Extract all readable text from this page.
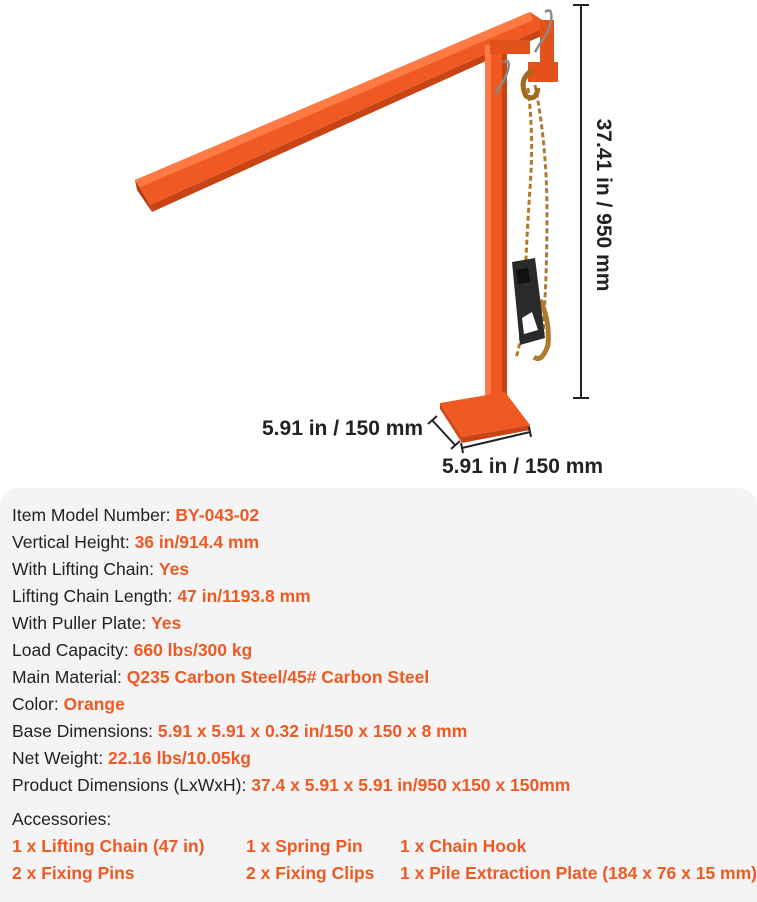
37.41 in / 950 mm
5.91 in / 150 mm
5.91 in / 150 mm
Item Model Number: BY-043-02
Vertical Height: 36 in/914.4 mm
With Lifting Chain: Yes
Lifting Chain Length: 47 in/1193.8 mm
With Puller Plate: Yes
Load Capacity: 660 lbs/300 kg
Main Material: Q235 Carbon Steel/45# Carbon Steel
Color: Orange
Base Dimensions: 5.91 x 5.91 x 0.32 in/150 x 150 x 8 mm
Net Weight: 22.16 lbs/10.05kg
Product Dimensions (LxWxH): 37.4 x 5.91 x 5.91 in/950 x150 x 150mm
Accessories:
1 x Lifting Chain (47 in) 1 x Spring Pin 1 x Chain Hook
2 x Fixing Pins	2 x Fixing Clips 1 x Pile Extraction Plate (184 x 76 x 15 mm)
